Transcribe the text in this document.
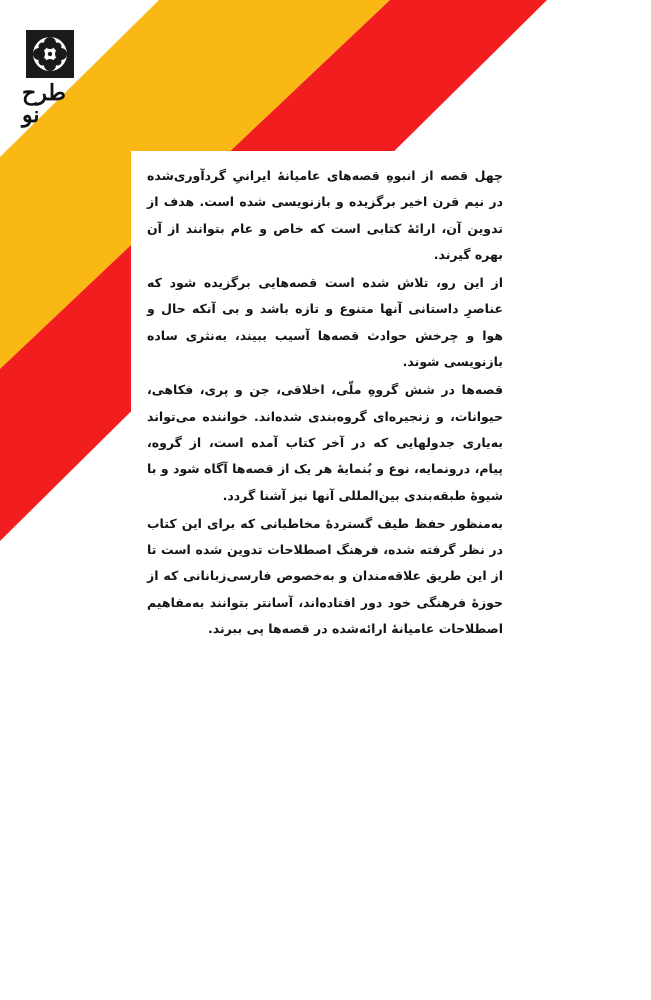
طرح نو

چهل قصه از انبوهِ قصه‌های عامیانهٔ ایرانیِ گردآوری‌شده در نیم قرن اخیر برگزیده و بازنویسی شده است. هدف از تدوین آن، ارائهٔ کتابی است که خاص و عام بتوانند از آن بهره گیرند.

از این رو، تلاش شده است قصه‌هایی برگزیده شود که عناصرِ داستانی آنها متنوع و تازه باشد و بی آنکه حال و هوا و چرخش حوادث قصه‌ها آسیب ببیند، به‌نثری ساده بازنویسی شوند.

قصه‌ها در شش گروهِ ملّی، اخلاقی، جن و پری، فکاهی، حیوانات، و زنجیره‌ای گروه‌بندی شده‌اند. خواننده می‌تواند به‌یاری جدولهایی که در آخر کتاب آمده است، از گروه، پیام، درونمایه، نوع و بُنمایهٔ هر یک از قصه‌ها آگاه شود و با شیوهٔ طبقه‌بندی بین‌المللی آنها نیز آشنا گردد.

به‌منظور حفظ طیف گستردهٔ مخاطبانی که برای این کتاب در نظر گرفته شده، فرهنگ اصطلاحات تدوین شده است تا از این طریق علاقه‌مندان و به‌خصوص فارسی‌زبانانی که از حوزهٔ فرهنگی خود دور افتاده‌اند، آسانتر بتوانند به‌مفاهیم اصطلاحات عامیانهٔ ارائه‌شده در قصه‌ها پی ببرند.
